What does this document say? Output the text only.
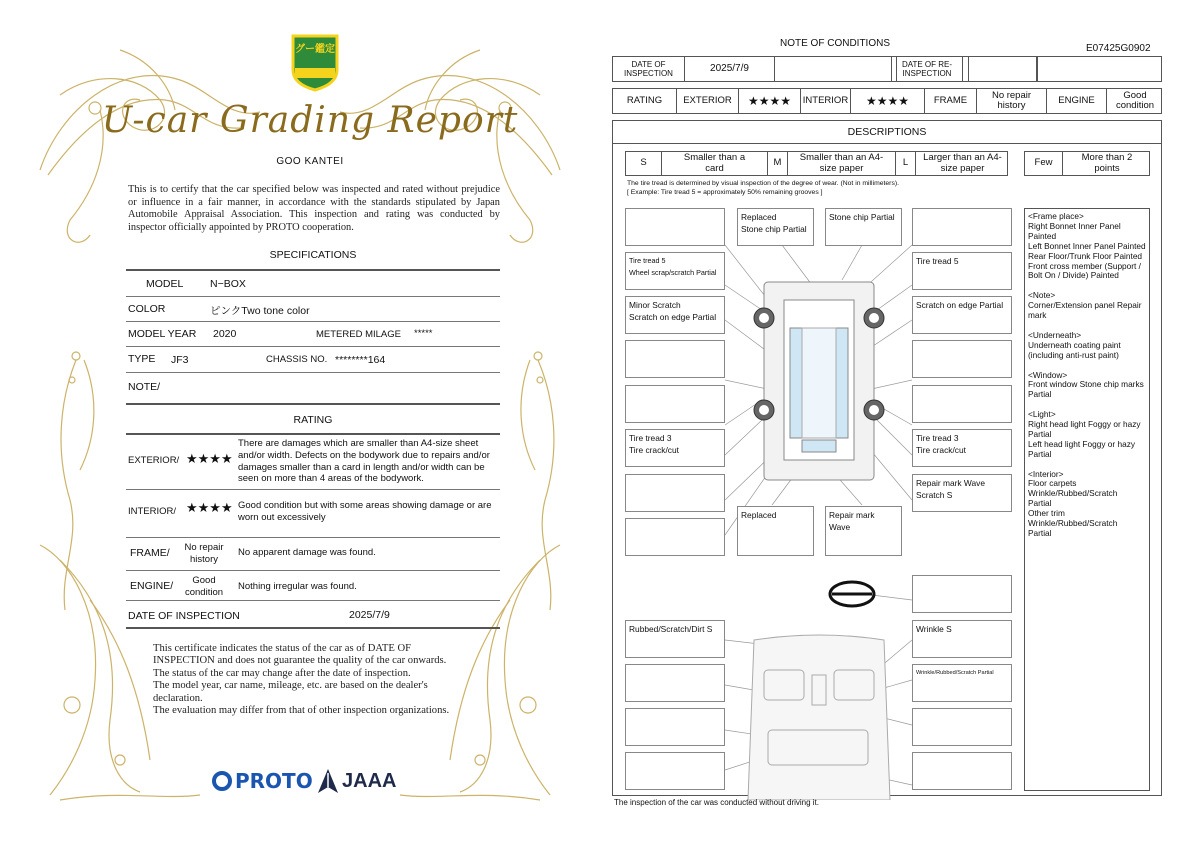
グー鑑定
U-car Grading Report
GOO KANTEI
This is to certify that the car specified below was inspected and rated without prejudice or influence in a fair manner, in accordance with the standards stipulated by Japan Automobile Appraisal Association. This inspection and rating was conducted by inspector officially appointed by PROTO cooperation.
SPECIFICATIONS
MODEL	N−BOX
COLOR	ピンクTwo tone color
MODEL YEAR 2020	METERED MILAGE *****
TYPE JF3	CHASSIS NO. ********164
NOTE/
RATING
EXTERIOR/ ★★★★
There are damages which are smaller than A4-size sheet and/or width. Defects on the bodywork due to repairs and/or damages smaller than a card in length and/or width can be seen on more than 4 areas of the bodywork.
INTERIOR/ ★★★★ Good condition but with some areas showing damage or are worn out excessively
FRAME/	No repair history
No apparent damage was found.
ENGINE/	Good condition	Nothing irregular was found.
DATE OF INSPECTION	2025/7/9
This certificate indicates the status of the car as of DATE OF
INSPECTION and does not guarantee the quality of the car onwards.
The status of the car may change after the date of inspection.
The model year, car name, mileage, etc. are based on the dealer's
declaration.
The evaluation may differ from that of other inspection organizations.
PROTO JAAA
NOTE OF CONDITIONS	E07425G0902
DATE OF INSPECTION	2025/7/9	DATE OF RE-INSPECTION
RATING	EXTERIOR	★★★★	INTERIOR	★★★★	FRAME	No repair history	ENGINE	Good condition
DESCRIPTIONS
S	Smaller than a card	M	Smaller than an A4-size paper	L	Larger than an A4-size paper	Few	More than 2 points
The tire tread is determined by visual inspection of the degree of wear. (Not in millimeters).
[ Example: Tire tread 5 = approximately 50% remaining grooves ]
Replaced
Stone chip Partial
Stone chip Partial
Tire tread 5
Wheel scrap/scratch Partial
Tire tread 5
Minor Scratch
Scratch on edge Partial
Scratch on edge Partial
Tire tread 3
Tire crack/cut
Tire tread 3
Tire crack/cut
Repair mark Wave
Scratch S
Replaced	Repair mark Wave
Rubbed/Scratch/Dirt S	Wrinkle S
Wrinkle/Rubbed/Scratch Partial
<Frame place>
Right Bonnet Inner Panel
Painted
Left Bonnet Inner Panel Painted
Rear Floor/Trunk Floor Painted
Front cross member (Support /
Bolt On / Divide) Painted

<Note>
Corner/Extension panel Repair
mark

<Underneath>
Underneath coating paint
(including anti-rust paint)

<Window>
Front window Stone chip marks
Partial

<Light>
Right head light Foggy or hazy
Partial
Left head light Foggy or hazy
Partial

<Interior>
Floor carpets
Wrinkle/Rubbed/Scratch
Partial
Other trim
Wrinkle/Rubbed/Scratch
Partial
The inspection of the car was conducted without driving it.
